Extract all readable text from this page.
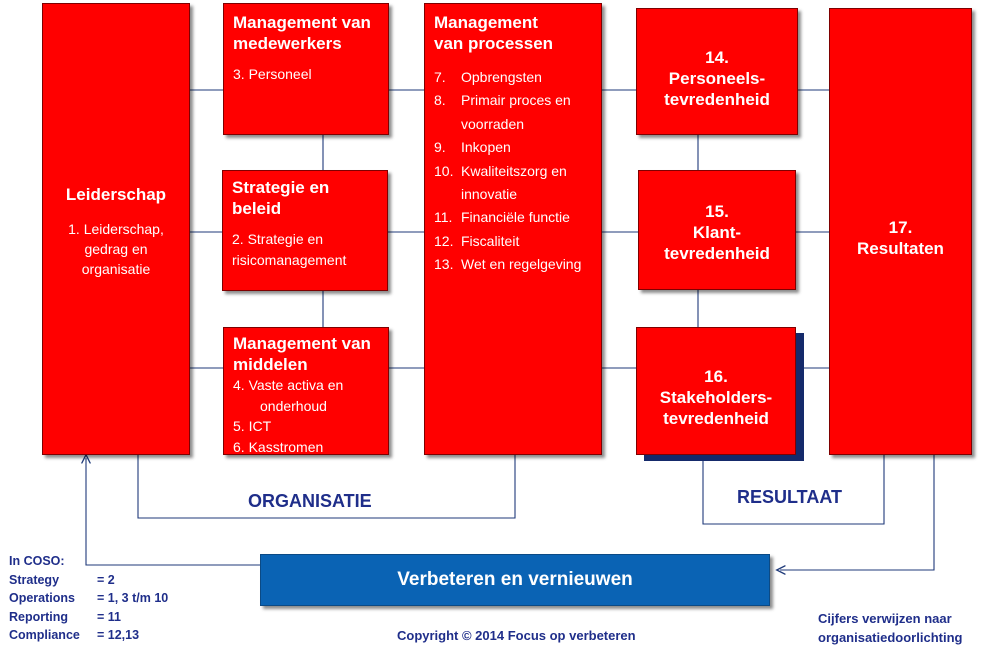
Leiderschap
1. Leiderschap,
gedrag en
organisatie
Management van medewerkers
3. Personeel
Strategie en beleid
2. Strategie en
risicomanagement
Management van middelen
4. Vaste activa en
onderhoud
5. ICT
6. Kasstromen
Management van processen
7.	Opbrengsten
8.	Primair proces en
voorraden
9.	Inkopen
10. Kwaliteitszorg en
innovatie
11. Financiële functie
12. Fiscaliteit
13. Wet en regelgeving
14.
Personeels-
tevredenheid
15.
Klant-
tevredenheid
16.
Stakeholders-
tevredenheid
17.
Resultaten
ORGANISATIE	RESULTAAT
Verbeteren en vernieuwen
In COSO:
Strategy	= 2
Operations	= 1, 3 t/m 10
Reporting	= 11
Compliance	= 12,13	Copyright © 2014 Focus op verbeteren
Cijfers verwijzen naar
organisatiedoorlichting
